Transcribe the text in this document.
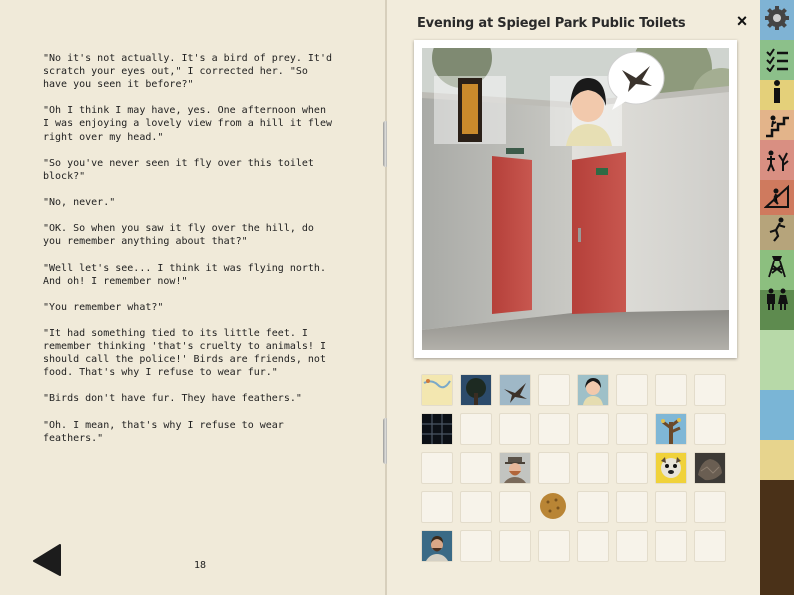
"No it's not actually. It's a bird of prey. It'd
scratch your eyes out," I corrected her. "So
have you seen it before?"

"Oh I think I may have, yes. One afternoon when
I was enjoying a lovely view from a hill it flew
right over my head."

"So you've never seen it fly over this toilet
block?"

"No, never."

"OK. So when you saw it fly over the hill, do
you remember anything about that?"

"Well let's see... I think it was flying north.
And oh! I remember now!"

"You remember what?"

"It had something tied to its little feet. I
remember thinking 'that's cruelty to animals! I
should call the police!' Birds are friends, not
food. That's why I refuse to wear fur."

"Birds don't have fur. They have feathers."

"Oh. I mean, that's why I refuse to wear
feathers."

18
Evening at Spiegel Park Public Toilets	×
